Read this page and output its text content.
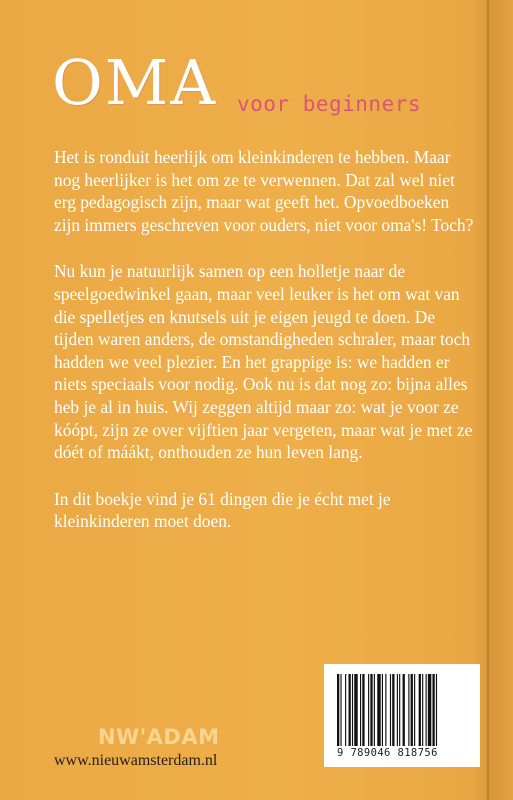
OMA voor beginners

Het is ronduit heerlijk om kleinkinderen te hebben. Maar nog heerlijker is het om ze te verwennen. Dat zal wel niet erg pedagogisch zijn, maar wat geeft het. Opvoedboeken zijn immers geschreven voor ouders, niet voor oma's! Toch?

Nu kun je natuurlijk samen op een holletje naar de speelgoedwinkel gaan, maar veel leuker is het om wat van die spelletjes en knutsels uit je eigen jeugd te doen. De tijden waren anders, de omstandigheden schraler, maar toch hadden we veel plezier. En het grappige is: we hadden er niets speciaals voor nodig. Ook nu is dat nog zo: bijna alles heb je al in huis. Wij zeggen altijd maar zo: wat je voor ze kóópt, zijn ze over vijftien jaar vergeten, maar wat je met ze dóét of máákt, onthouden ze hun leven lang.

In dit boekje vind je 61 dingen die je écht met je kleinkinderen moet doen.

NW'ADAM
www.nieuwamsterdam.nl	9 789046 818756
